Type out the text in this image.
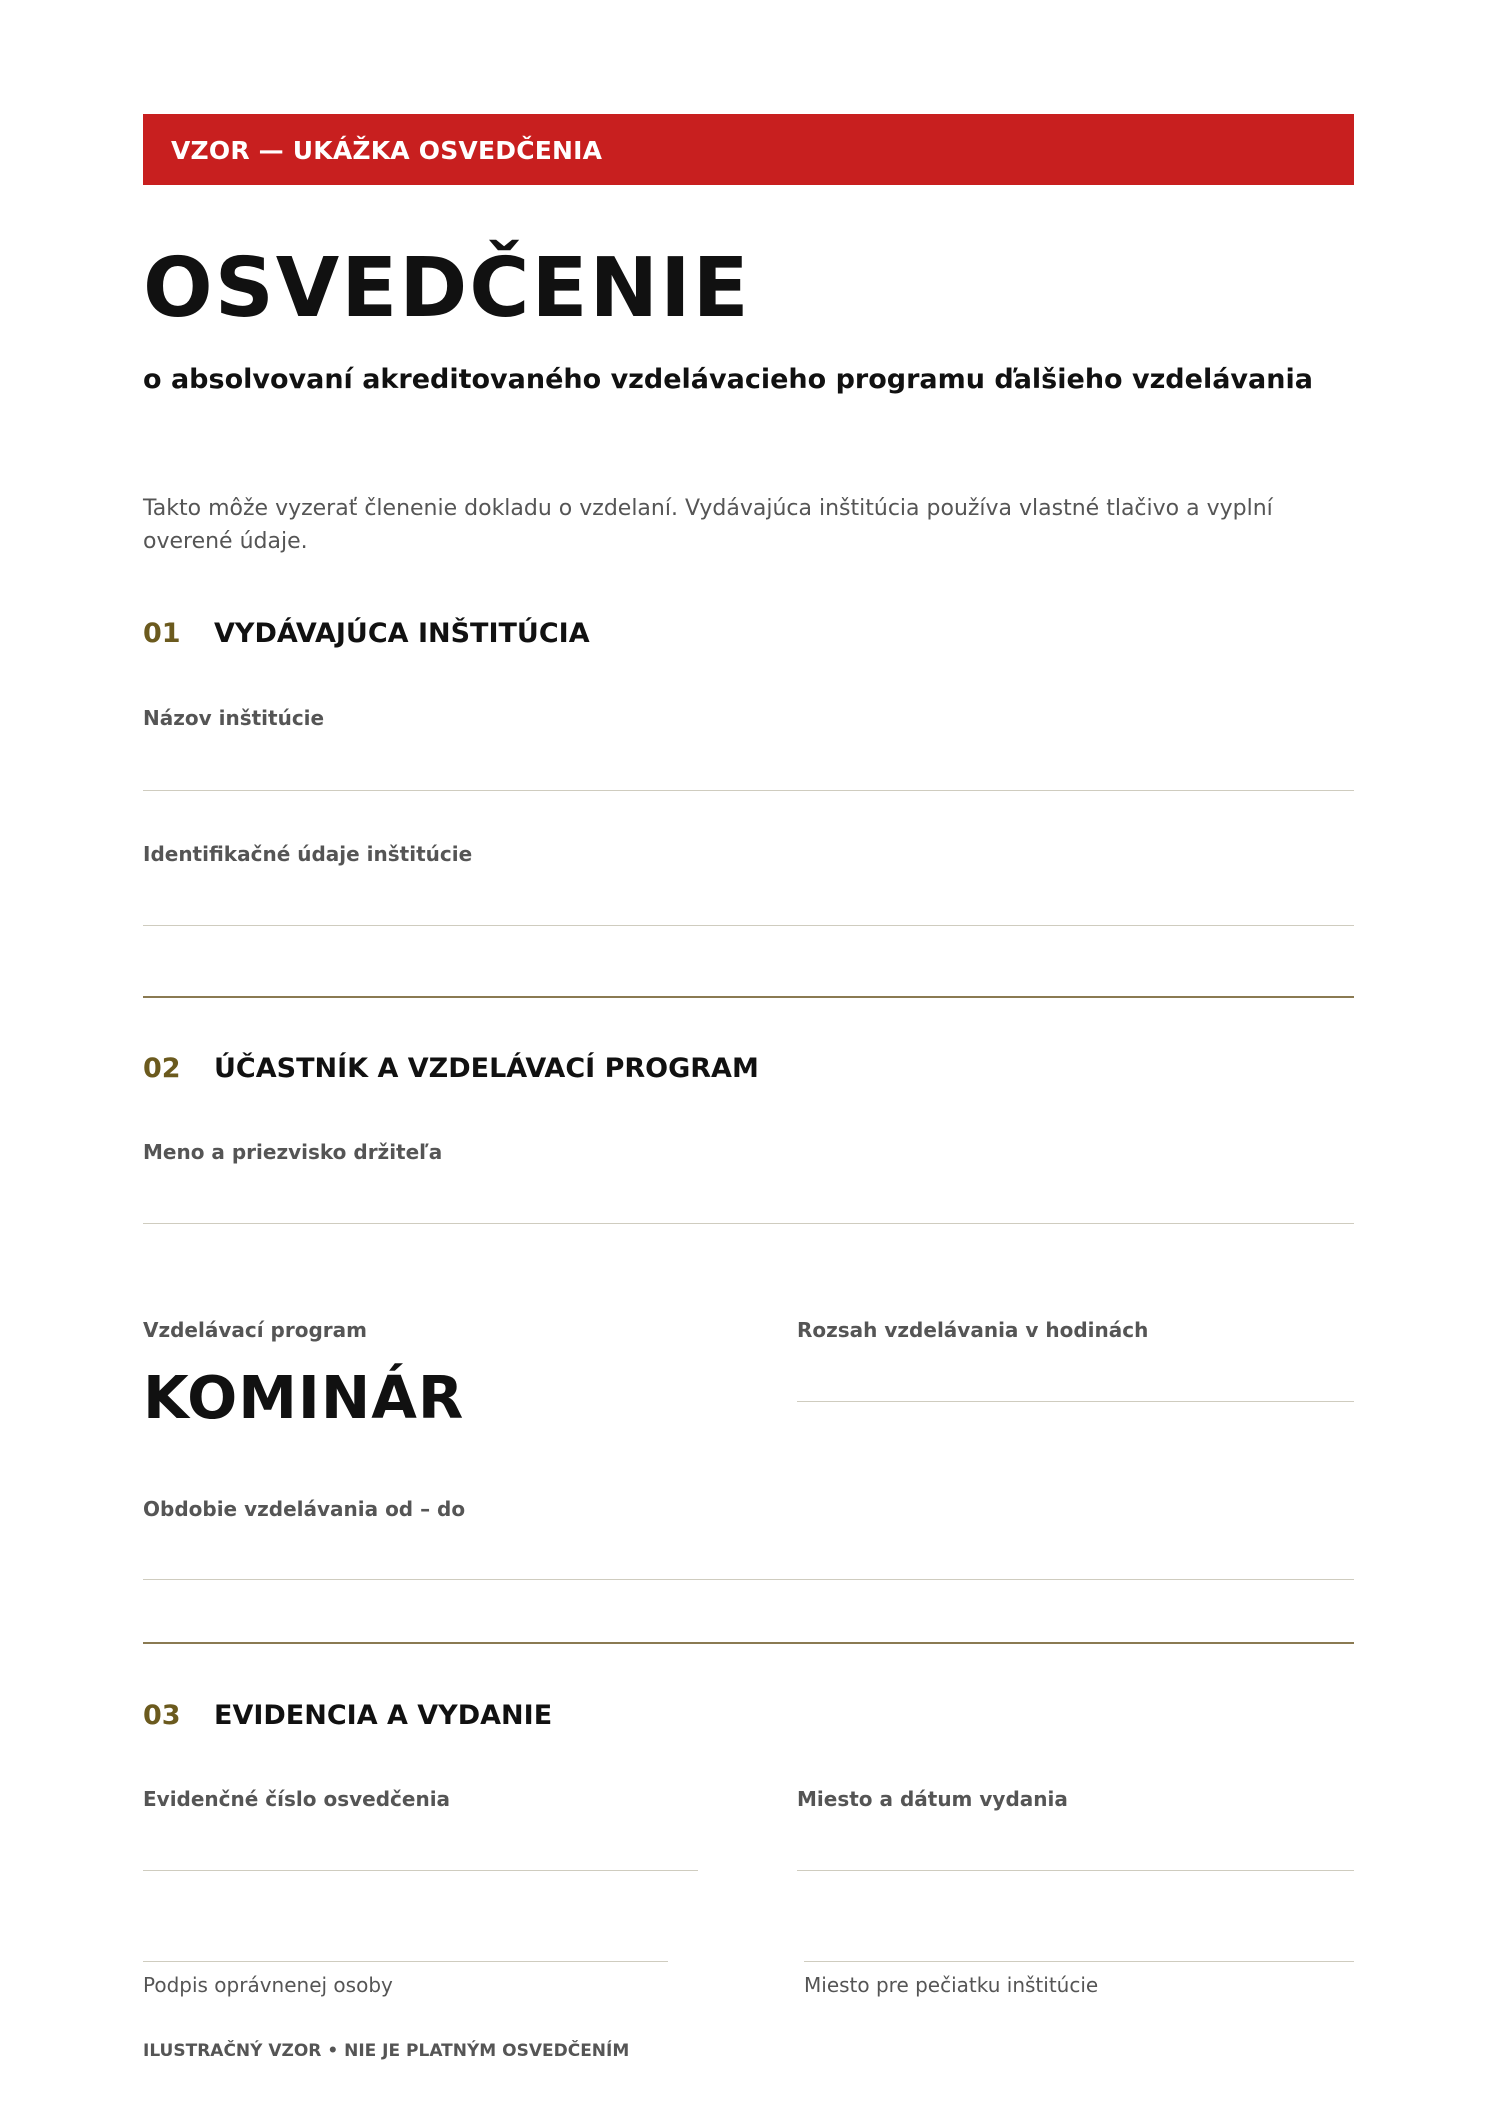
VZOR — UKÁŽKA OSVEDČENIA
OSVEDČENIE
o absolvovaní akreditovaného vzdelávacieho programu ďalšieho vzdelávania
Takto môže vyzerať členenie dokladu o vzdelaní. Vydávajúca inštitúcia používa vlastné tlačivo a vyplní overené údaje.
01 VYDÁVAJÚCA INŠTITÚCIA
Názov inštitúcie
Identifikačné údaje inštitúcie
02 ÚČASTNÍK A VZDELÁVACÍ PROGRAM
Meno a priezvisko držiteľa
Vzdelávací program
KOMINÁR
Rozsah vzdelávania v hodinách
Obdobie vzdelávania od – do
03 EVIDENCIA A VYDANIE
Evidenčné číslo osvedčenia	Miesto a dátum vydania
Podpis oprávnenej osoby	Miesto pre pečiatku inštitúcie
ILUSTRAČNÝ VZOR • NIE JE PLATNÝM OSVEDČENÍM
